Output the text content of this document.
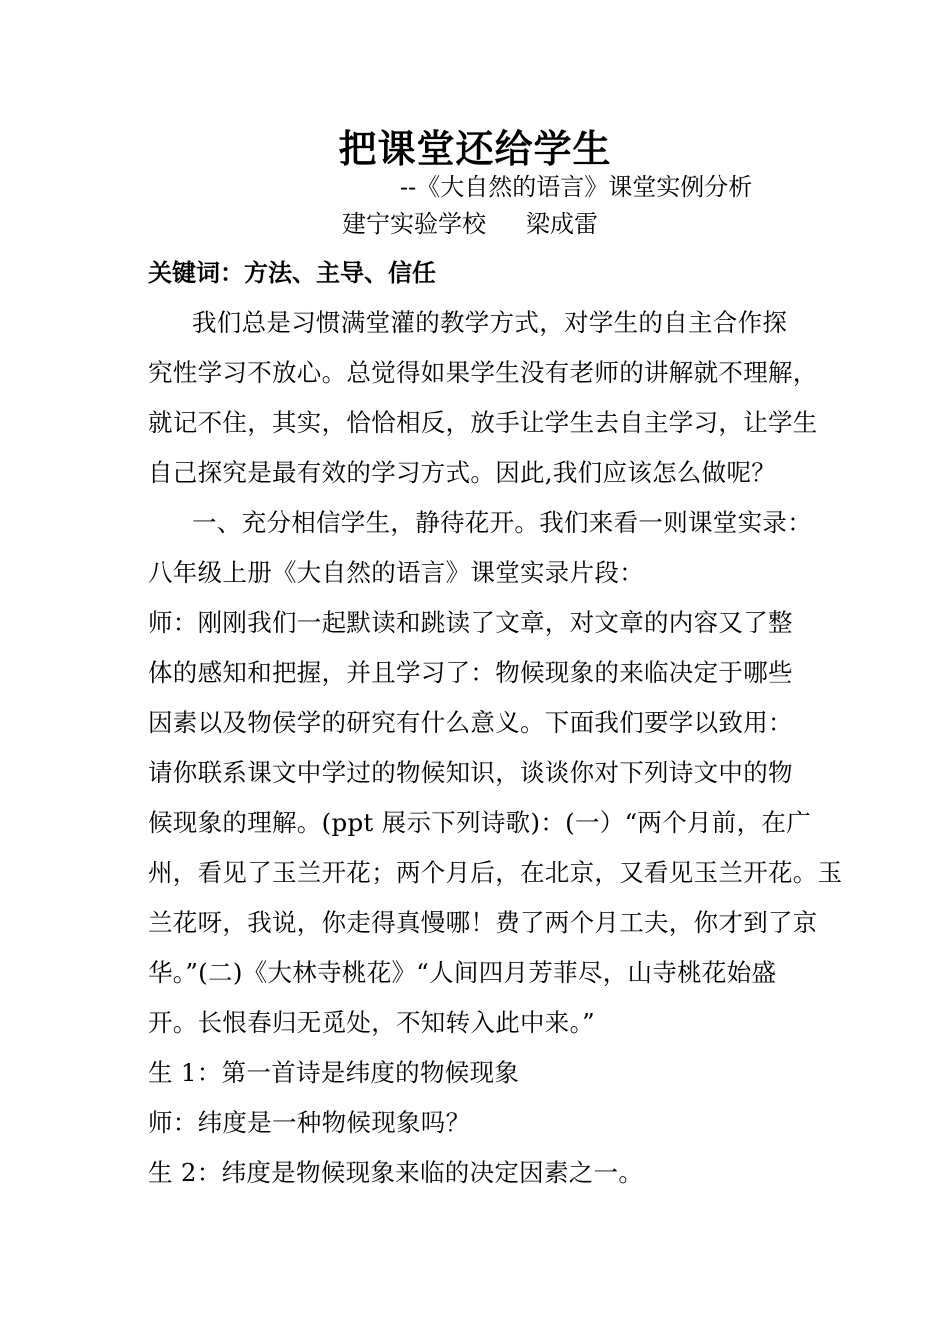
把课堂还给学生
--《大自然的语言》课堂实例分析
建宁实验学校 梁成雷
关键词：方法、主导、信任
我们总是习惯满堂灌的教学方式，对学生的自主合作探
究性学习不放心。总觉得如果学生没有老师的讲解就不理解，
就记不住，其实，恰恰相反，放手让学生去自主学习，让学生
自己探究是最有效的学习方式。因此,我们应该怎么做呢？
一、充分相信学生，静待花开。我们来看一则课堂实录：
八年级上册《大自然的语言》课堂实录片段：
师：刚刚我们一起默读和跳读了文章，对文章的内容又了整
体的感知和把握，并且学习了：物候现象的来临决定于哪些
因素以及物侯学的研究有什么意义。下面我们要学以致用：
请你联系课文中学过的物候知识，谈谈你对下列诗文中的物
候现象的理解。(ppt 展示下列诗歌)：(一）“两个月前，在广
州，看见了玉兰开花；两个月后，在北京，又看见玉兰开花。玉
兰花呀，我说，你走得真慢哪！费了两个月工夫，你才到了京
华。”(二)《大林寺桃花》“人间四月芳菲尽，山寺桃花始盛
开。长恨春归无觅处，不知转入此中来。”
生 1：第一首诗是纬度的物候现象
师：纬度是一种物候现象吗？
生 2：纬度是物候现象来临的决定因素之一。
